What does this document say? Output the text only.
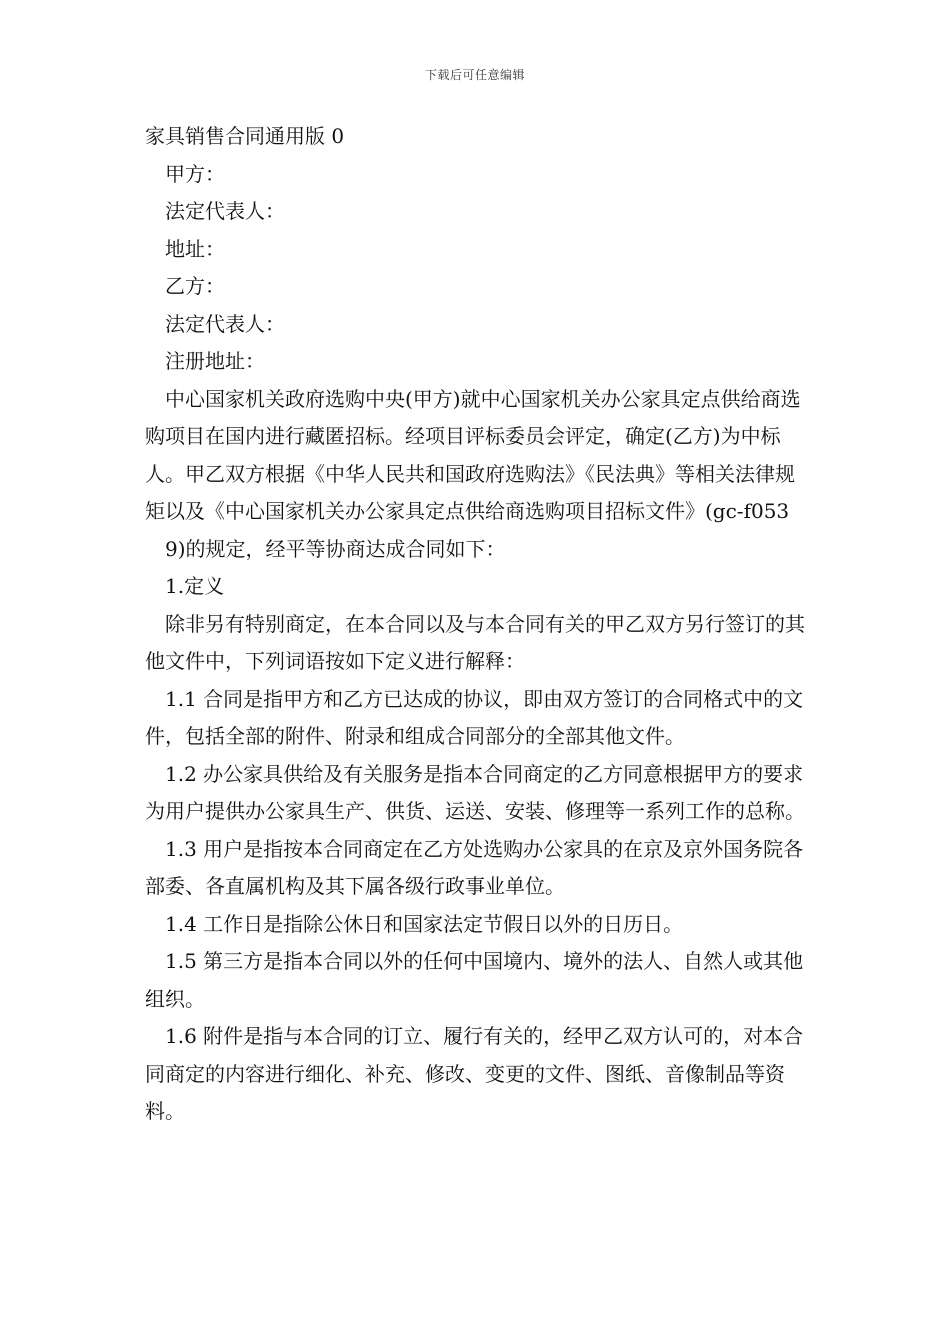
下载后可任意编辑

家具销售合同通用版 0

甲方：

法定代表人：

地址：

乙方：

法定代表人：

注册地址：

中心国家机关政府选购中央(甲方)就中心国家机关办公家具定点供给商选购项目在国内进行藏匿招标。经项目评标委员会评定，确定(乙方)为中标人。甲乙双方根据《中华人民共和国政府选购法》《民法典》等相关法律规矩以及《中心国家机关办公家具定点供给商选购项目招标文件》(gc-f053

9)的规定，经平等协商达成合同如下：

1.定义

除非另有特别商定，在本合同以及与本合同有关的甲乙双方另行签订的其他文件中，下列词语按如下定义进行解释：

1.1 合同是指甲方和乙方已达成的协议，即由双方签订的合同格式中的文件，包括全部的附件、附录和组成合同部分的全部其他文件。

1.2 办公家具供给及有关服务是指本合同商定的乙方同意根据甲方的要求为用户提供办公家具生产、供货、运送、安装、修理等一系列工作的总称。

1.3 用户是指按本合同商定在乙方处选购办公家具的在京及京外国务院各部委、各直属机构及其下属各级行政事业单位。

1.4 工作日是指除公休日和国家法定节假日以外的日历日。

1.5 第三方是指本合同以外的任何中国境内、境外的法人、自然人或其他组织。

1.6 附件是指与本合同的订立、履行有关的，经甲乙双方认可的，对本合同商定的内容进行细化、补充、修改、变更的文件、图纸、音像制品等资料。
